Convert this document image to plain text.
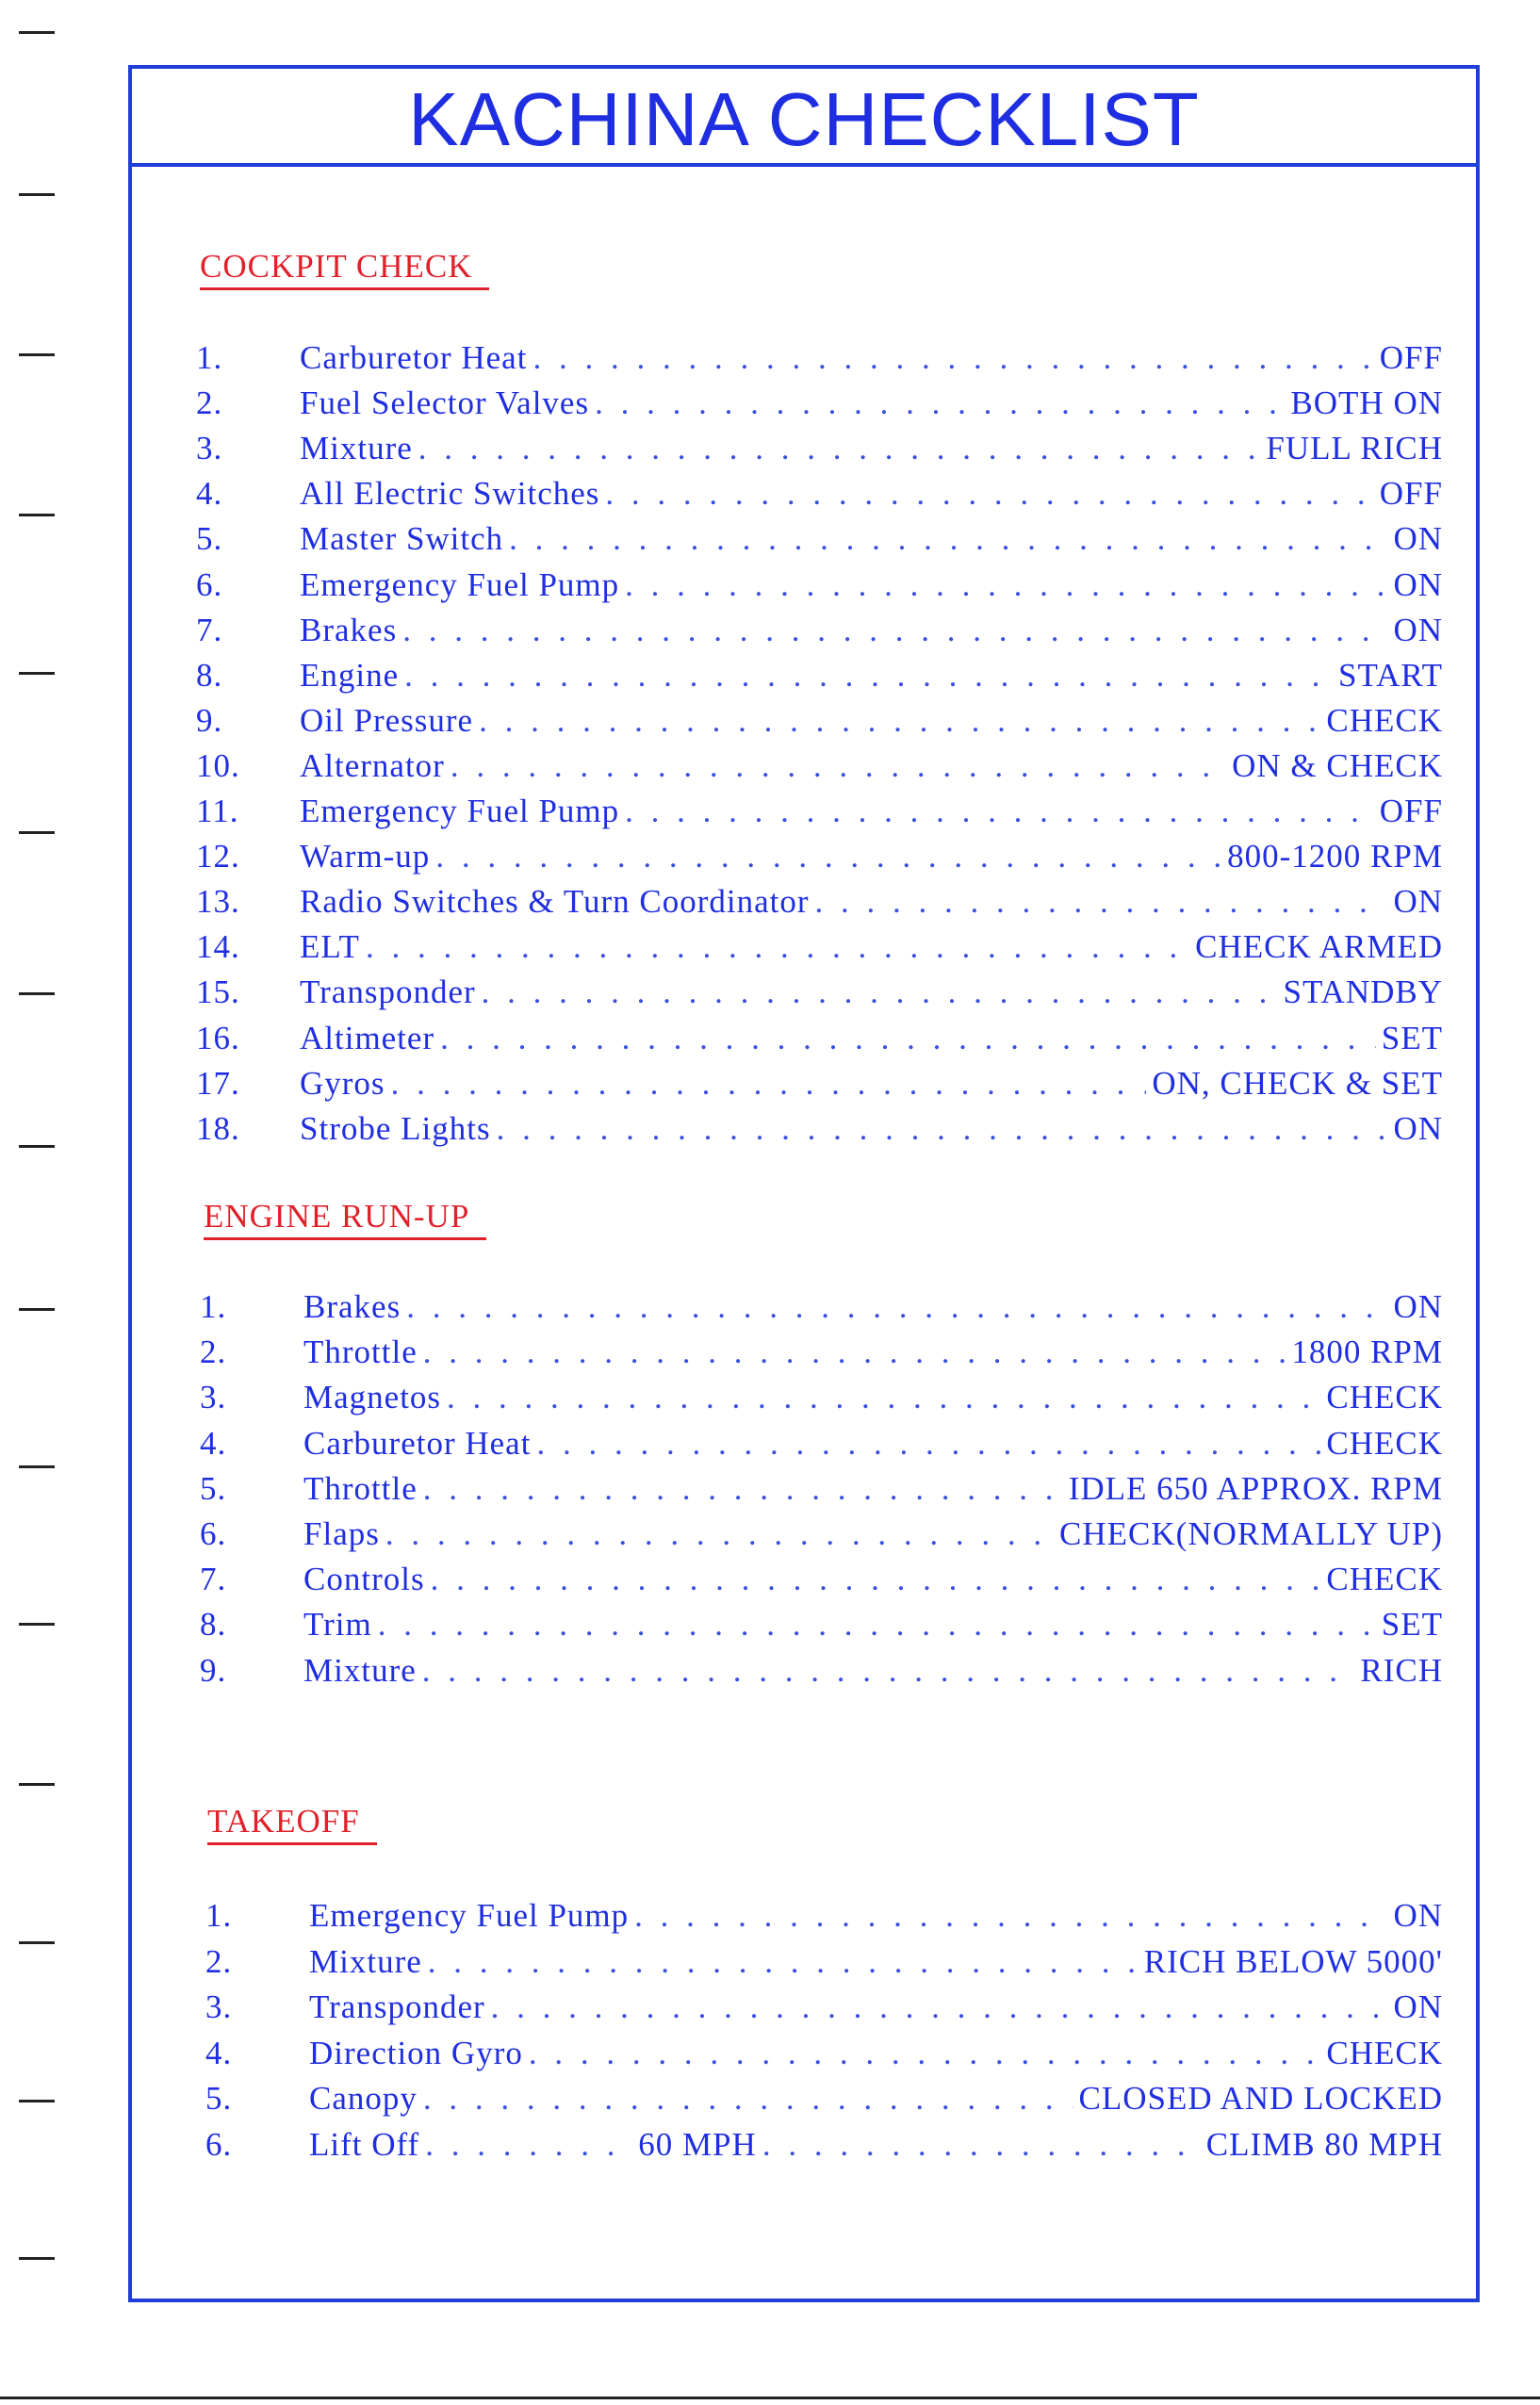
KACHINA CHECKLIST
COCKPIT CHECK
1.	Carburetor Heat . . .	OFF
2.	Fuel Selector Valves . . .	BOTH ON
3.	Mixture . . .	FULL RICH
4.	All Electric Switches . . .	OFF
5.	Master Switch . . .	ON
6.	Emergency Fuel Pump . . .	ON
7.	Brakes . . .	ON
8.	Engine . . .	START
9.	Oil Pressure . . .	CHECK
10.	Alternator . . .	ON & CHECK
11.	Emergency Fuel Pump . . .	OFF
12.	Warm-up . . .	800-1200 RPM
13.	Radio Switches & Turn Coordinator . . .	ON
14.	ELT . . .	CHECK ARMED
15.	Transponder . . .	STANDBY
16.	Altimeter . . .	SET
17.	Gyros . . .	ON, CHECK & SET
18.	Strobe Lights . . .	ON
ENGINE RUN-UP
1.	Brakes . . .	ON
2.	Throttle . . .	1800 RPM
3.	Magnetos . . .	CHECK
4.	Carburetor Heat . . .	CHECK
5.	Throttle . . .	IDLE 650 APPROX. RPM
6.	Flaps . . .	CHECK(NORMALLY UP)
7.	Controls . . .	CHECK
8.	Trim . . .	SET
9.	Mixture . . .	RICH
TAKEOFF
1.	Emergency Fuel Pump . . .	ON
2.	Mixture . . .	RICH BELOW 5000'
3.	Transponder . . .	ON
4.	Direction Gyro . . .	CHECK
5.	Canopy . . .	CLOSED AND LOCKED
6.	Lift Off . . .	60 MPH . . .	CLIMB 80 MPH
